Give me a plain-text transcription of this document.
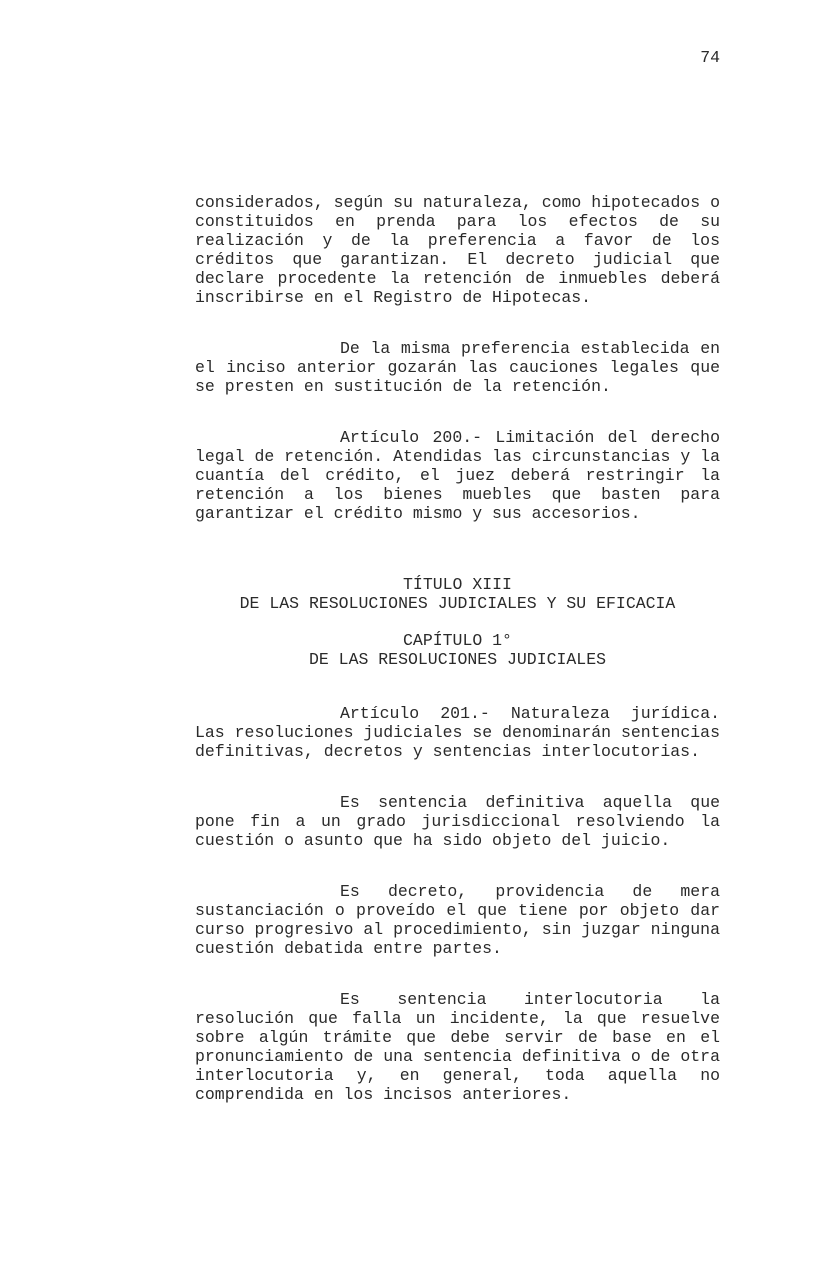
74
considerados, según su naturaleza, como hipotecados o
constituidos en prenda para los efectos de su
realización y de la preferencia a favor de los
créditos que garantizan. El decreto judicial que
declare procedente la retención de inmuebles deberá
inscribirse en el Registro de Hipotecas.
De la misma preferencia establecida en
el inciso anterior gozarán las cauciones legales que
se presten en sustitución de la retención.
Artículo 200.- Limitación del derecho
legal de retención. Atendidas las circunstancias y la
cuantía del crédito, el juez deberá restringir la
retención a los bienes muebles que basten para
garantizar el crédito mismo y sus accesorios.
TÍTULO XIII
DE LAS RESOLUCIONES JUDICIALES Y SU EFICACIA
CAPÍTULO 1°
DE LAS RESOLUCIONES JUDICIALES
Artículo 201.- Naturaleza jurídica.
Las resoluciones judiciales se denominarán sentencias
definitivas, decretos y sentencias interlocutorias.
Es sentencia definitiva aquella que
pone fin a un grado jurisdiccional resolviendo la
cuestión o asunto que ha sido objeto del juicio.
Es decreto, providencia de mera
sustanciación o proveído el que tiene por objeto dar
curso progresivo al procedimiento, sin juzgar ninguna
cuestión debatida entre partes.
Es sentencia interlocutoria la
resolución que falla un incidente, la que resuelve
sobre algún trámite que debe servir de base en el
pronunciamiento de una sentencia definitiva o de otra
interlocutoria y, en general, toda aquella no
comprendida en los incisos anteriores.
